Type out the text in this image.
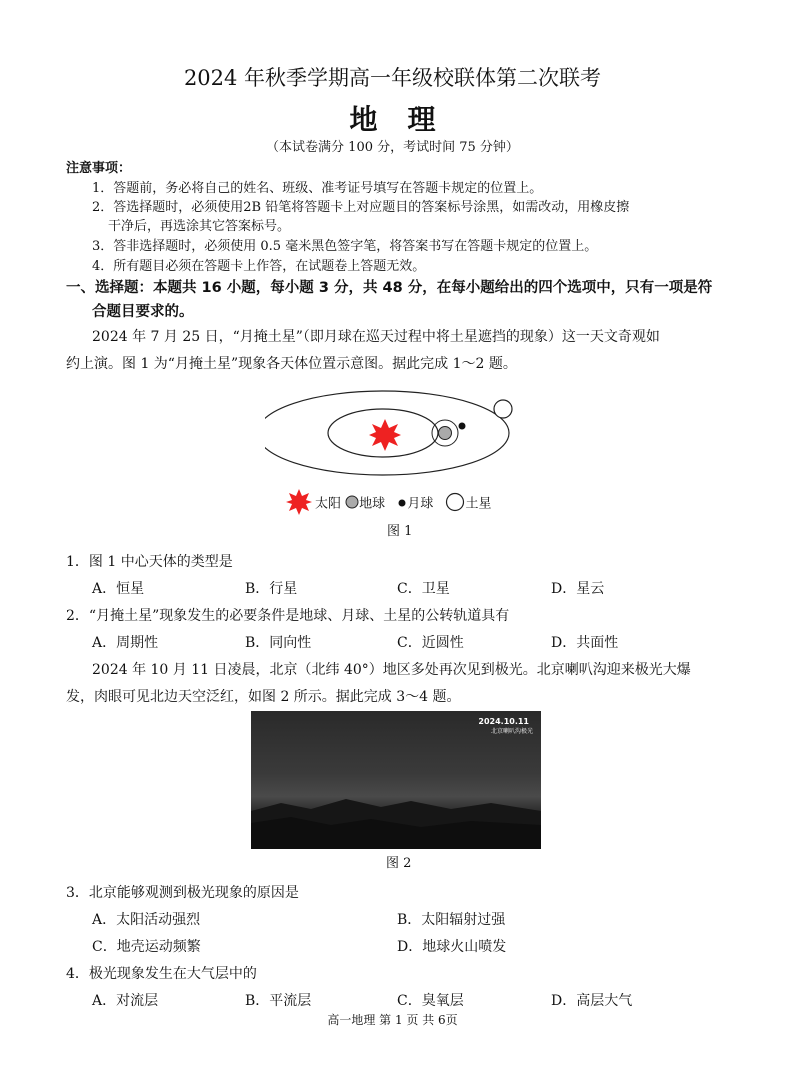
2024 年秋季学期高一年级校联体第二次联考
地理
（本试卷满分 100 分，考试时间 75 分钟）
注意事项：
1．答题前，务必将自己的姓名、班级、准考证号填写在答题卡规定的位置上。
2．答选择题时，必须使用2B 铅笔将答题卡上对应题目的答案标号涂黑，如需改动，用橡皮擦
干净后，再选涂其它答案标号。
3．答非选择题时，必须使用 0.5 毫米黑色签字笔，将答案书写在答题卡规定的位置上。
4．所有题目必须在答题卡上作答，在试题卷上答题无效。
一、选择题：本题共 16 小题，每小题 3 分，共 48 分，在每小题给出的四个选项中，只有一项是符
合题目要求的。
2024 年 7 月 25 日，“月掩土星”（即月球在巡天过程中将土星遮挡的现象）这一天文奇观如
约上演。图 1 为“月掩土星”现象各天体位置示意图。据此完成 1～2 题。
太阳 地球 月球 土星
图 1
1．图 1 中心天体的类型是
A．恒星	B．行星	C．卫星	D．星云
2．“月掩土星”现象发生的必要条件是地球、月球、土星的公转轨道具有
A．周期性	B．同向性	C．近圆性	D．共面性
2024 年 10 月 11 日凌晨，北京（北纬 40°）地区多处再次见到极光。北京喇叭沟迎来极光大爆
发，肉眼可见北边天空泛红，如图 2 所示。据此完成 3～4 题。
2024.10.11
北京喇叭沟极光
图 2
3．北京能够观测到极光现象的原因是
A．太阳活动强烈	B．太阳辐射过强
C．地壳运动频繁	D．地球火山喷发
4．极光现象发生在大气层中的
A．对流层	B．平流层	C．臭氧层	D．高层大气
高一地理 第 1 页 共 6页
